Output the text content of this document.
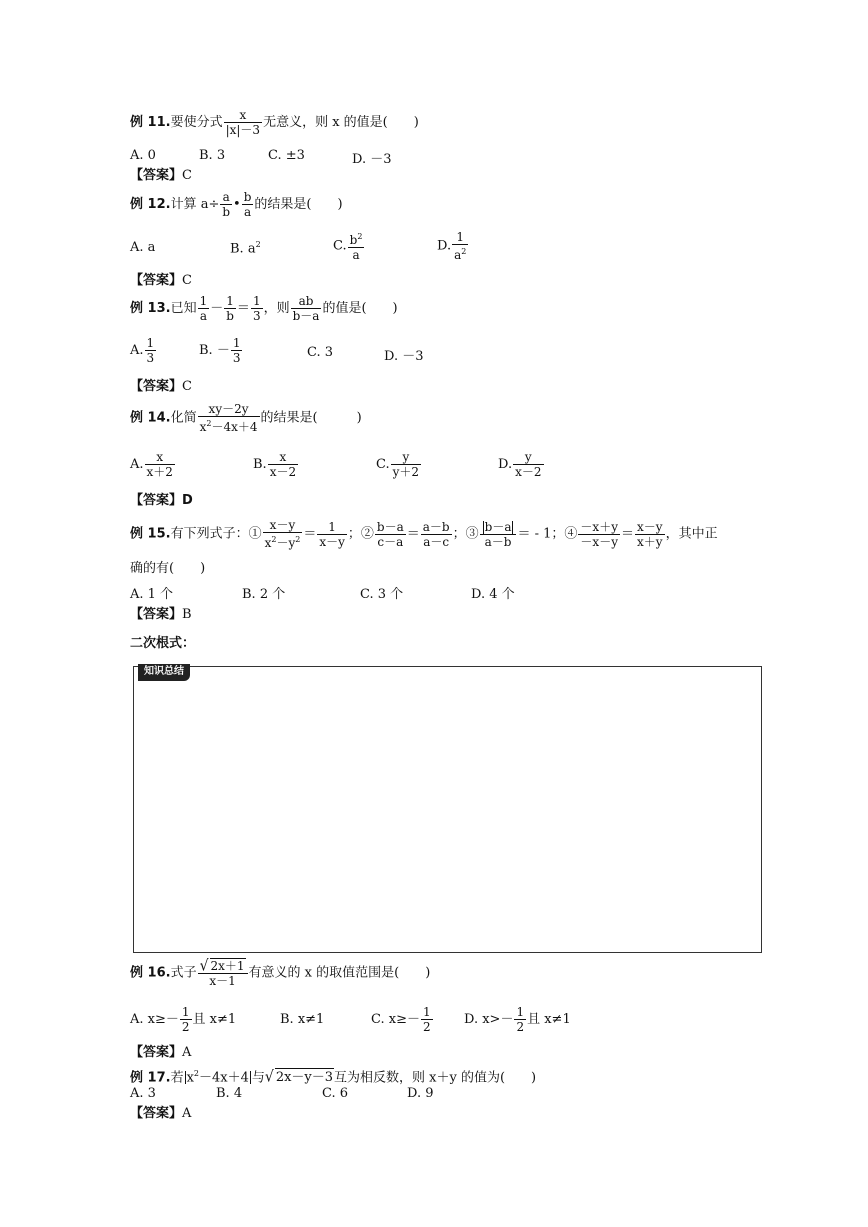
例 11.要使分式 $\frac{x}{|x|-3}$ 无意义，则 x 的值是(　　)
A. 0	B. 3	C. ±3	D. －3
【答案】C
例 12.计算 $a\div \frac{a}{b}$ • $\frac{b}{a}$ 的结果是(　　)
A. a	B. $a^2$	C. $\frac{b^2}{a}$	D. $\frac{1}{a^2}$
【答案】C
例 13.已知 $\frac{1}{a} - \frac{1}{b} = \frac{1}{3}$ ，则 $\frac{ab}{b-a}$ 的值是(　　)
A. $\frac{1}{3}$	B. － $\frac{1}{3}$	C. 3	D. －3
【答案】C
例 14.化简 $\frac{xy-2y}{x^2-4x+4}$ 的结果是(　　　)
A. $\frac{x}{x+2}$	B. $\frac{x}{x-2}$	C. $\frac{y}{y+2}$	D. $\frac{y}{x-2}$
【答案】D
例 15.有下列式子：① $\frac{x-y}{x^2-y^2} = \frac{1}{x-y}$ ；② $\frac{b-a}{c-a} = \frac{a-b}{a-c}$ ；③ $\frac{b-a}{a-b}$ ＝ - 1；④ $\frac{-x+y}{-x-y} = \frac{x-y}{x+y}$ ，其中正
确的有(　　)
A. 1 个	B. 2 个	C. 3 个	D. 4 个
【答案】B
二次根式：
知识总结
例 16.式子 $\frac{√ 2x+1}{x-1}$ 有意义的 x 的取值范围是(　　)
A. $x\ge- \frac{1}{2}$ 且 x≠1	B. x≠1	C. $x\ge- \frac{1}{2} D$. $x>- \frac{1}{2}$ 且 x≠1
【答案】A
例 17.若 $x^2-4x+4$ 与√ 2x－y－3互为相反数，则 x＋y 的值为(　　)
A. 3	B. 4	C. 6	D. 9
【答案】A
